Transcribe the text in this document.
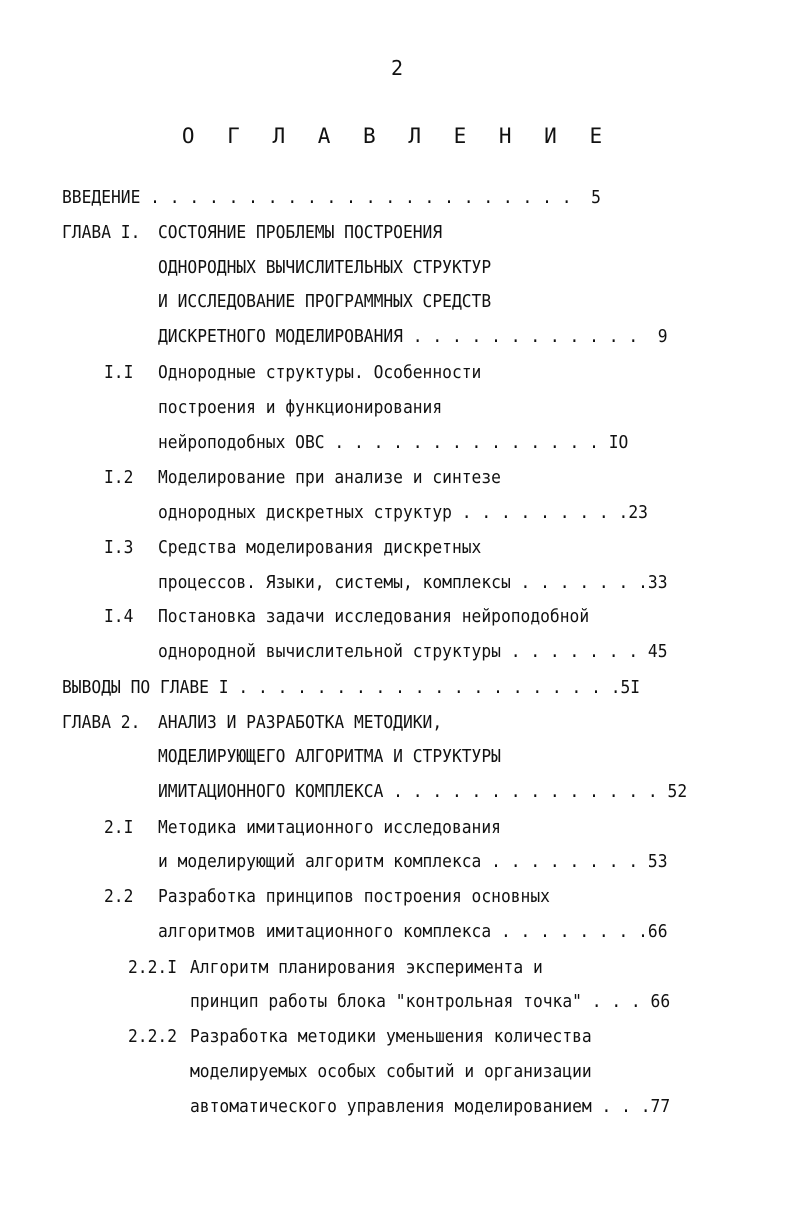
2
О Г Л А В Л Е Н И Е
ВВЕДЕНИЕ . . . . . . . . . . . . . . . . . . . . . .  5
ГЛАВА I. СОСТОЯНИЕ ПРОБЛЕМЫ ПОСТРОЕНИЯ
ОДНОРОДНЫХ ВЫЧИСЛИТЕЛЬНЫХ СТРУКТУР
И ИССЛЕДОВАНИЕ ПРОГРАММНЫХ СРЕДСТВ
ДИСКРЕТНОГО МОДЕЛИРОВАНИЯ . . . . . . . . . . . .  9
I.I Однородные структуры. Особенности
построения и функционирования
нейроподобных ОВС . . . . . . . . . . . . . . IO
I.2 Моделирование при анализе и синтезе
однородных дискретных структур . . . . . . . . .23
I.3 Средства моделирования дискретных
процессов. Языки, системы, комплексы . . . . . . .33
I.4 Постановка задачи исследования нейроподобной
однородной вычислительной структуры . . . . . . . 45
ВЫВОДЫ ПО ГЛАВЕ I . . . . . . . . . . . . . . . . . . . .5I
ГЛАВА 2. АНАЛИЗ И РАЗРАБОТКА МЕТОДИКИ,
МОДЕЛИРУЮЩЕГО АЛГОРИТМА И СТРУКТУРЫ
ИМИТАЦИОННОГО КОМПЛЕКСА . . . . . . . . . . . . . . 52
2.I Методика имитационного исследования
и моделирующий алгоритм комплекса . . . . . . . . 53
2.2 Разработка принципов построения основных
алгоритмов имитационного комплекса . . . . . . . .66
2.2.I Алгоритм планирования эксперимента и
принцип работы блока "контрольная точка" . . . 66
2.2.2 Разработка методики уменьшения количества
моделируемых особых событий и организации
автоматического управления моделированием . . .77
